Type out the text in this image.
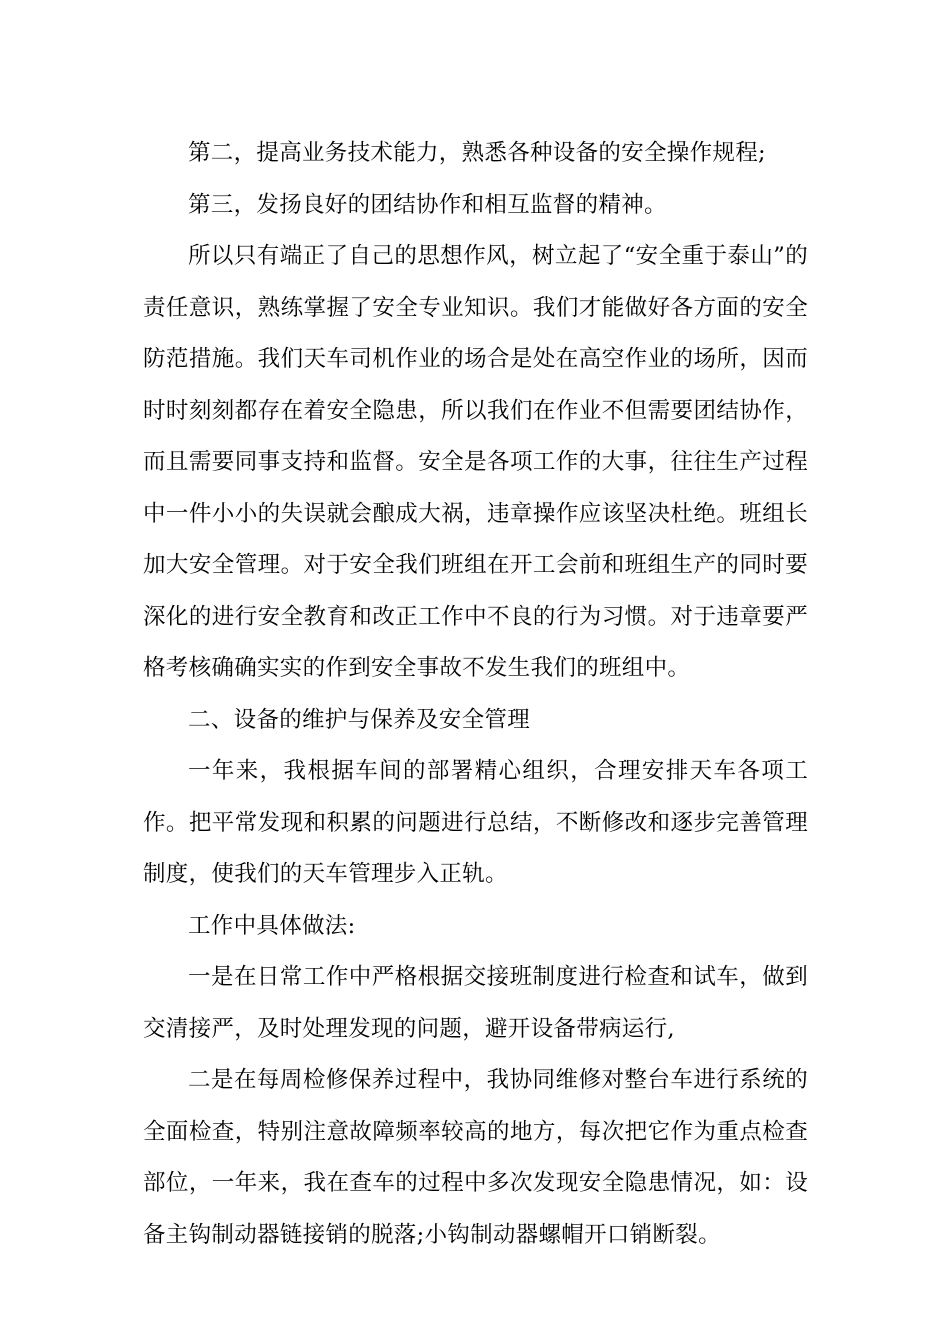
第二，提高业务技术能力，熟悉各种设备的安全操作规程;

第三，发扬良好的团结协作和相互监督的精神。

所以只有端正了自己的思想作风，树立起了“安全重于泰山”的责任意识，熟练掌握了安全专业知识。我们才能做好各方面的安全防范措施。我们天车司机作业的场合是处在高空作业的场所，因而时时刻刻都存在着安全隐患，所以我们在作业不但需要团结协作，而且需要同事支持和监督。安全是各项工作的大事，往往生产过程中一件小小的失误就会酿成大祸，违章操作应该坚决杜绝。班组长加大安全管理。对于安全我们班组在开工会前和班组生产的同时要深化的进行安全教育和改正工作中不良的行为习惯。对于违章要严格考核确确实实的作到安全事故不发生我们的班组中。

二、设备的维护与保养及安全管理

一年来，我根据车间的部署精心组织，合理安排天车各项工作。把平常发现和积累的问题进行总结，不断修改和逐步完善管理制度，使我们的天车管理步入正轨。

工作中具体做法:

一是在日常工作中严格根据交接班制度进行检查和试车，做到交清接严，及时处理发现的问题，避开设备带病运行,

二是在每周检修保养过程中，我协同维修对整台车进行系统的全面检查，特别注意故障频率较高的地方，每次把它作为重点检查部位，一年来，我在查车的过程中多次发现安全隐患情况，如：设备主钩制动器链接销的脱落;小钩制动器螺帽开口销断裂。
